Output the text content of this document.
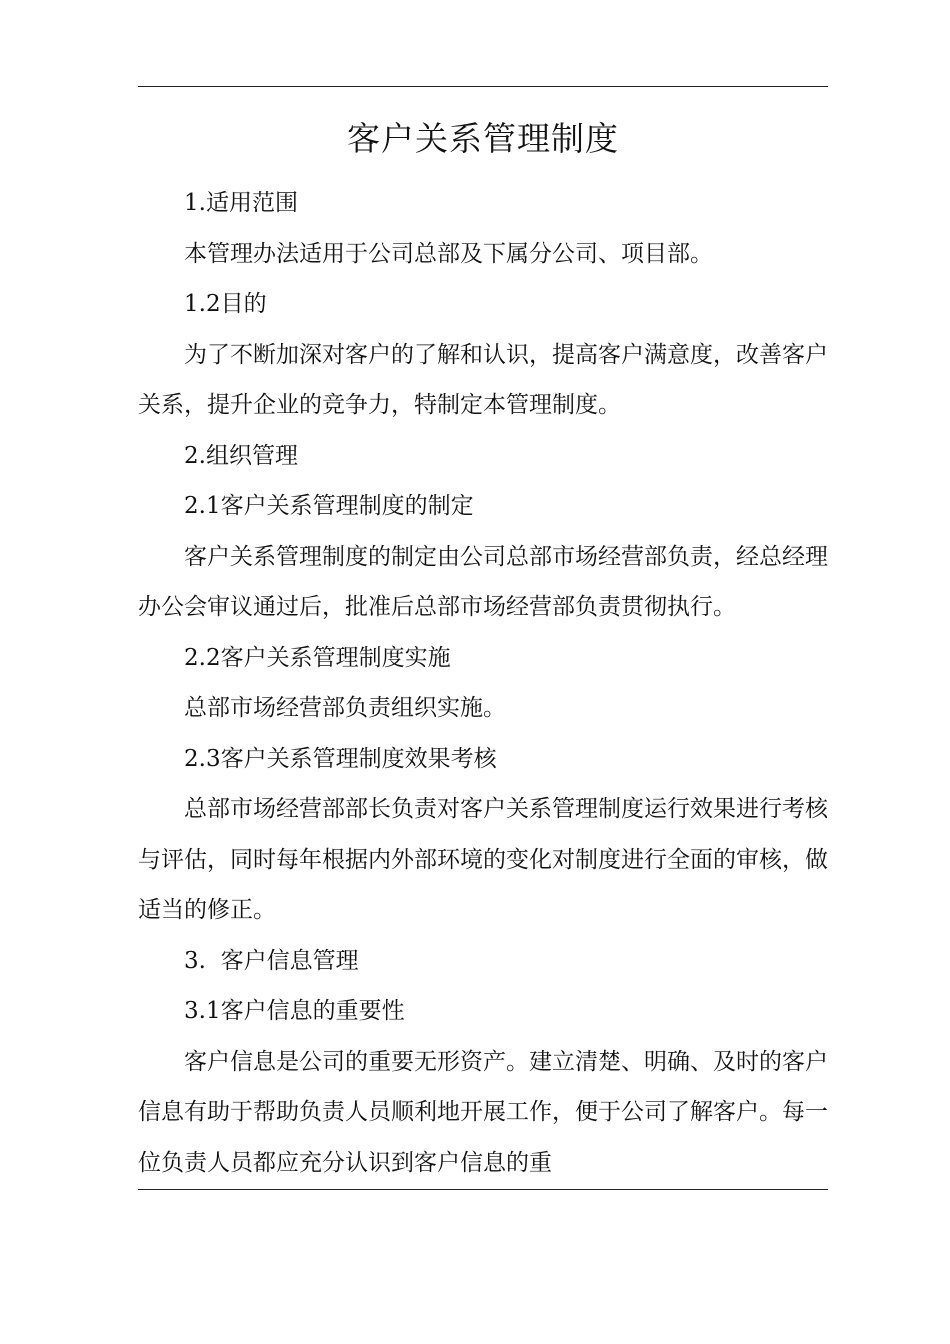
客户关系管理制度

1.适用范围

本管理办法适用于公司总部及下属分公司、项目部。

1.2目的

为了不断加深对客户的了解和认识，提高客户满意度，改善客户关系，提升企业的竞争力，特制定本管理制度。

2.组织管理

2.1客户关系管理制度的制定

客户关系管理制度的制定由公司总部市场经营部负责，经总经理办公会审议通过后，批准后总部市场经营部负责贯彻执行。

2.2客户关系管理制度实施

总部市场经营部负责组织实施。

2.3客户关系管理制度效果考核

总部市场经营部部长负责对客户关系管理制度运行效果进行考核与评估，同时每年根据内外部环境的变化对制度进行全面的审核，做适当的修正。

3.  客户信息管理

3.1客户信息的重要性

客户信息是公司的重要无形资产。建立清楚、明确、及时的客户信息有助于帮助负责人员顺利地开展工作，便于公司了解客户。每一位负责人员都应充分认识到客户信息的重
